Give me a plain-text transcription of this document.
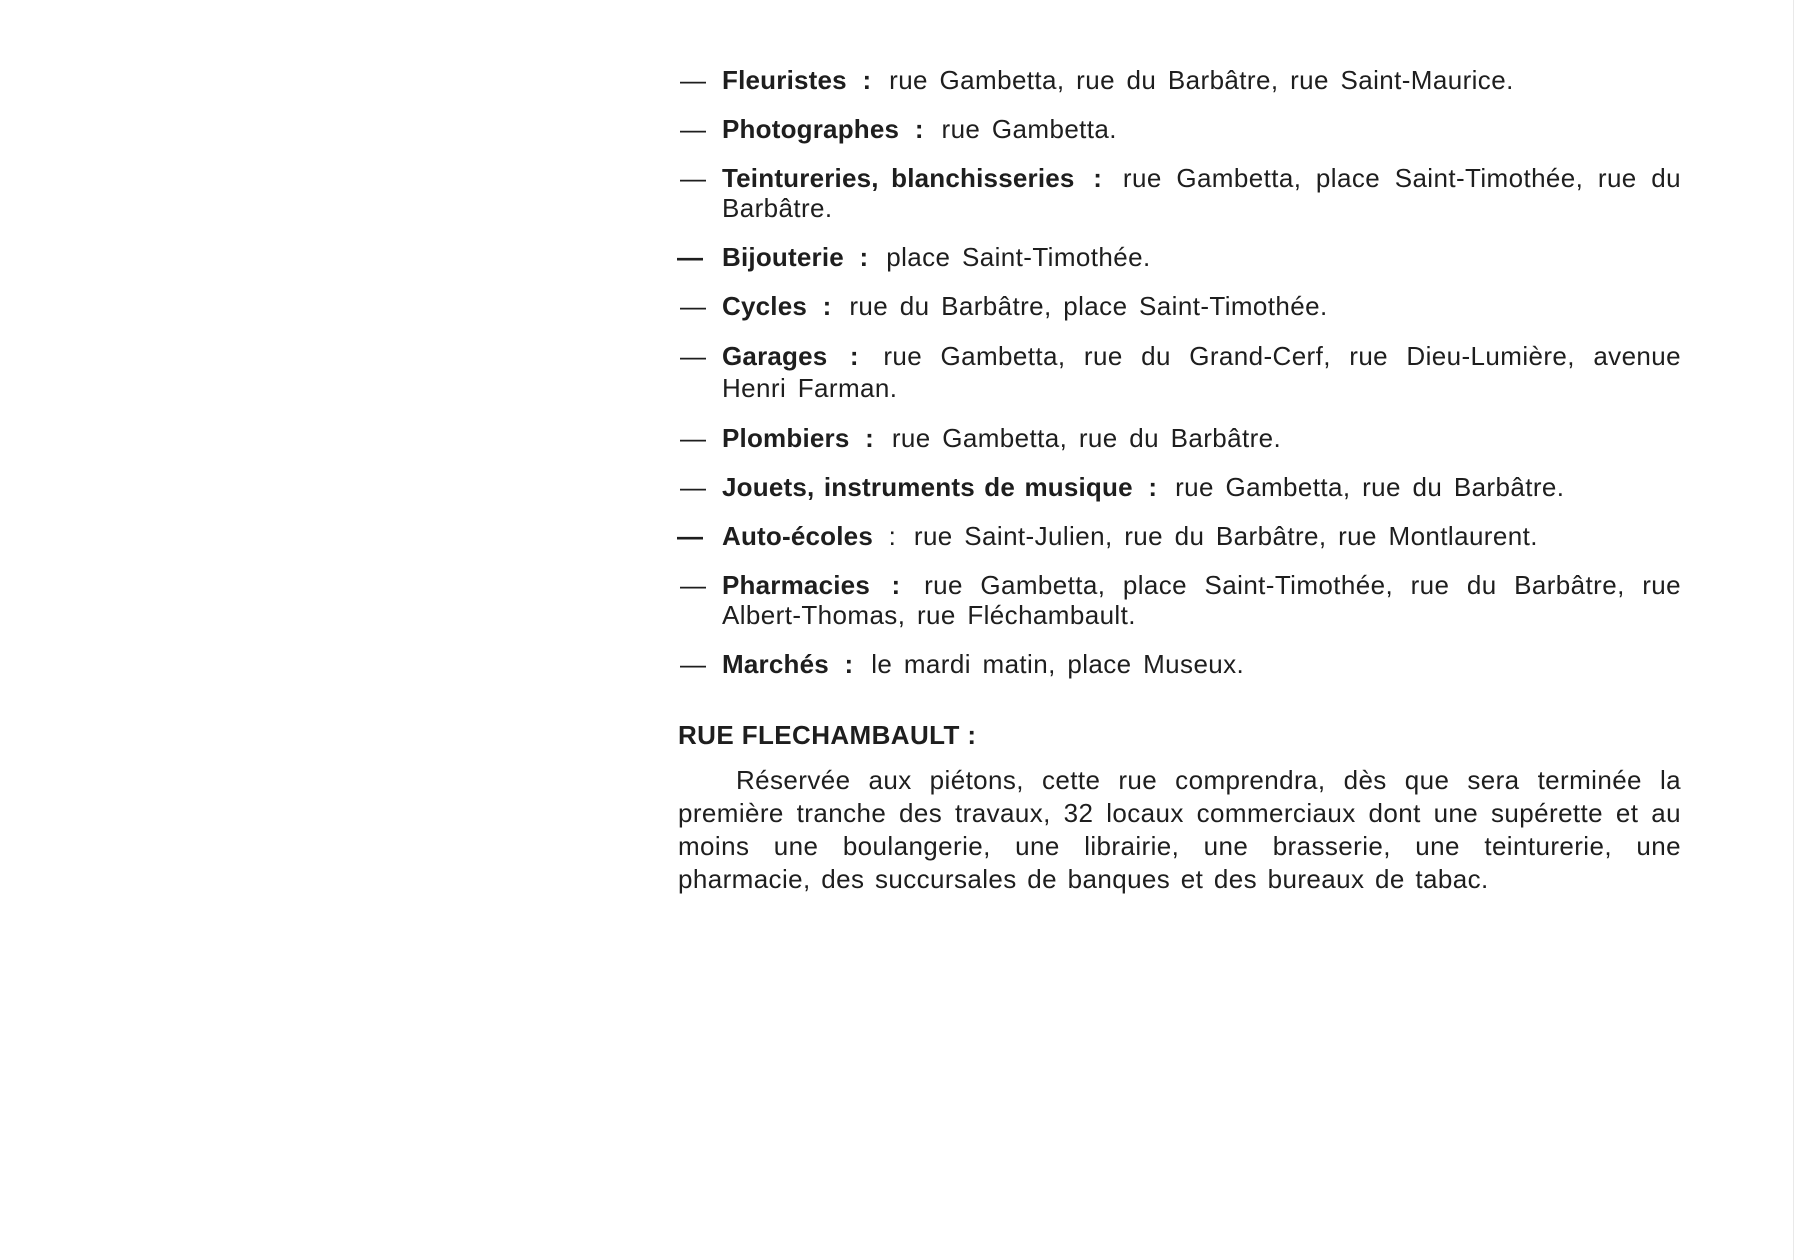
— Fleuristes : rue Gambetta, rue du Barbâtre, rue Saint-Maurice.
— Photographes : rue Gambetta.
— Teintureries, blanchisseries : rue Gambetta, place Saint-Timothée, rue du Barbâtre.
— Bijouterie : place Saint-Timothée.
— Cycles : rue du Barbâtre, place Saint-Timothée.
— Garages : rue Gambetta, rue du Grand-Cerf, rue Dieu-Lumière, avenue Henri Farman.
— Plombiers : rue Gambetta, rue du Barbâtre.
— Jouets, instruments de musique : rue Gambetta, rue du Barbâtre.
— Auto-écoles : rue Saint-Julien, rue du Barbâtre, rue Montlaurent.
— Pharmacies : rue Gambetta, place Saint-Timothée, rue du Barbâtre, rue Albert-Thomas, rue Fléchambault.
— Marchés : le mardi matin, place Museux.
RUE FLECHAMBAULT :

Réservée aux piétons, cette rue comprendra, dès que sera terminée la première tranche des travaux, 32 locaux commerciaux dont une supérette et au moins une boulangerie, une librairie, une brasserie, une teinturerie, une pharmacie, des succursales de banques et des bureaux de tabac.
